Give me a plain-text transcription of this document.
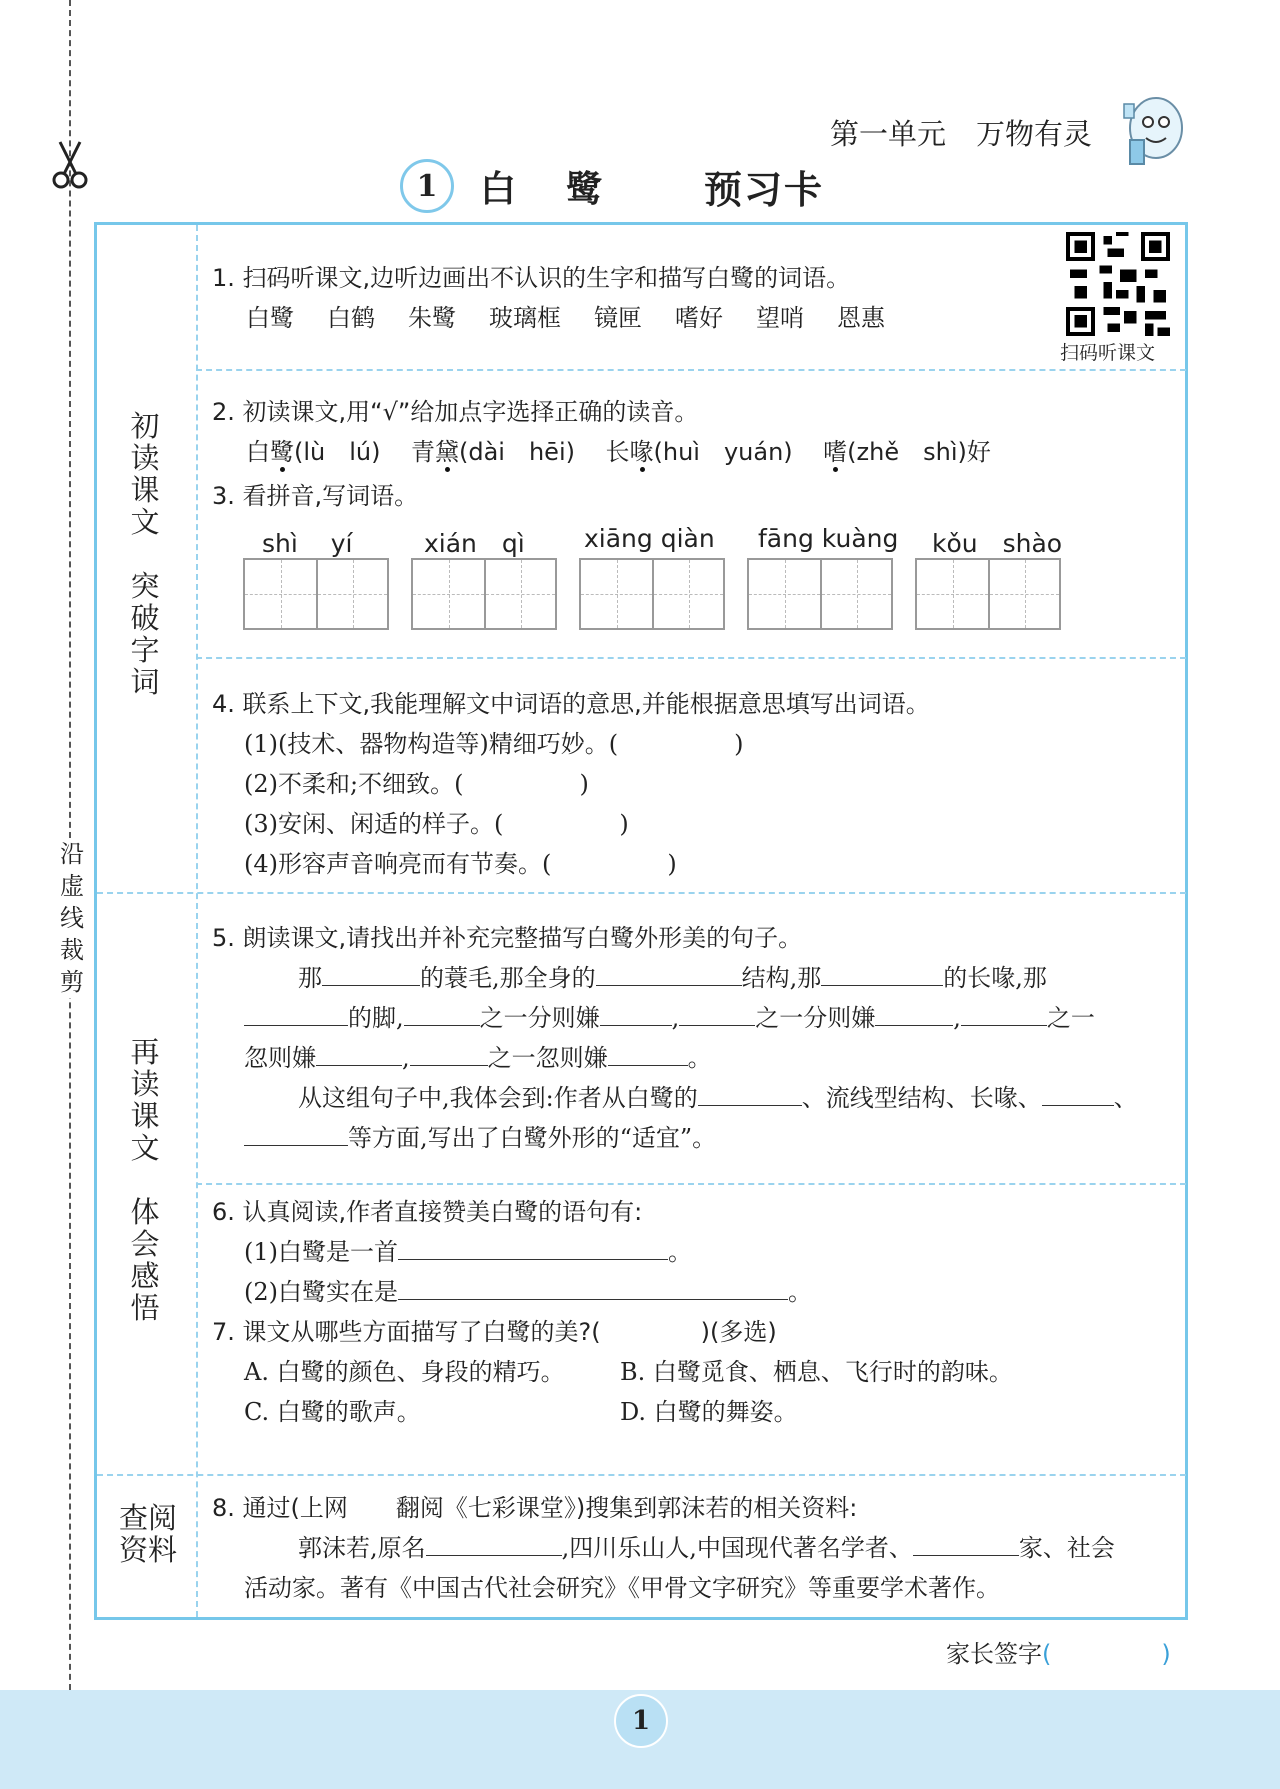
沿虚线裁剪
第一单元 万物有灵
1	白鹭 预习卡
初
读
课
文

突
破
字
词
再
读
课
文

体
会
感
悟
查阅
资料
扫码听课文
1. 扫码听课文,边听边画出不认识的生字和描写白鹭的词语。
白鹭 白鹤 朱鹭 玻璃框 镜匣 嗜好 望哨 恩惠
2. 初读课文,用“√”给加点字选择正确的读音。
白鹭(lù　lú) 青黛(dài　hēi) 长喙(huì　yuán) 嗜(zhě　shì)好
3. 看拼音,写词语。
shì　 yí	xián　qì xiāng qiàn fāng kuàng kǒu　shào
4. 联系上下文,我能理解文中词语的意思,并能根据意思填写出词语。
(1)(技术、器物构造等)精细巧妙。(	)
(2)不柔和;不细致。(	)
(3)安闲、闲适的样子。(	)
(4)形容声音响亮而有节奏。(	)
5. 朗读课文,请找出并补充完整描写白鹭外形美的句子。
那	的蓑毛,那全身的	结构,那	的长喙,那
的脚,	之一分则嫌	,	之一分则嫌	,	之一
忽则嫌	,	之一忽则嫌	。
从这组句子中,我体会到:作者从白鹭的	、流线型结构、长喙、	、
等方面,写出了白鹭外形的“适宜”。
6. 认真阅读,作者直接赞美白鹭的语句有:
(1)白鹭是一首	。
(2)白鹭实在是	。
7. 课文从哪些方面描写了白鹭的美?(	)(多选)
A. 白鹭的颜色、身段的精巧。 B. 白鹭觅食、栖息、飞行时的韵味。
C. 白鹭的歌声。	D. 白鹭的舞姿。
8. 通过(上网　　翻阅《七彩课堂》)搜集到郭沫若的相关资料:
郭沫若,原名	,四川乐山人,中国现代著名学者、	家、社会
活动家。著有《中国古代社会研究》《甲骨文字研究》等重要学术著作。
家长签字(	)
1
